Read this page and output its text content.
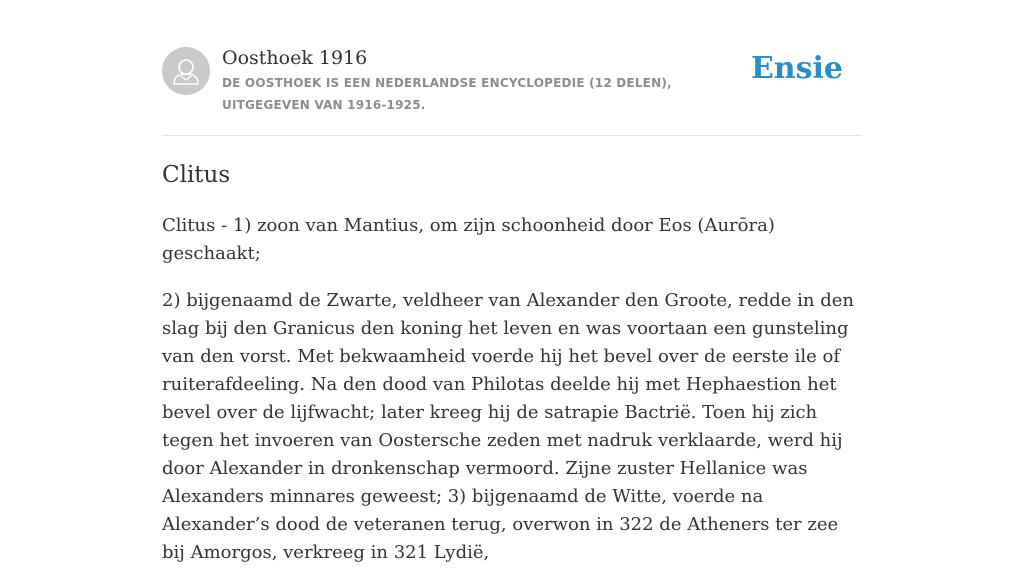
Oosthoek 1916
DE OOSTHOEK IS EEN NEDERLANDSE ENCYCLOPEDIE (12 DELEN), UITGEGEVEN VAN 1916-1925.
Ensie
Clitus

Clitus - 1) zoon van Mantius, om zijn schoonheid door Eos (Aurōra) geschaakt;

2) bijgenaamd de Zwarte, veldheer van Alexander den Groote, redde in den slag bij den Granicus den koning het leven en was voortaan een gunsteling van den vorst. Met bekwaamheid voerde hij het bevel over de eerste ile of ruiterafdeeling. Na den dood van Philotas deelde hij met Hephaestion het bevel over de lijfwacht; later kreeg hij de satrapie Bactrië. Toen hij zich tegen het invoeren van Oostersche zeden met nadruk verklaarde, werd hij door Alexander in dronkenschap vermoord. Zijne zuster Hellanice was Alexanders minnares geweest; 3) bijgenaamd de Witte, voerde na Alexander’s dood de veteranen terug, overwon in 322 de Atheners ter zee bij Amorgos, verkreeg in 321 Lydië,
